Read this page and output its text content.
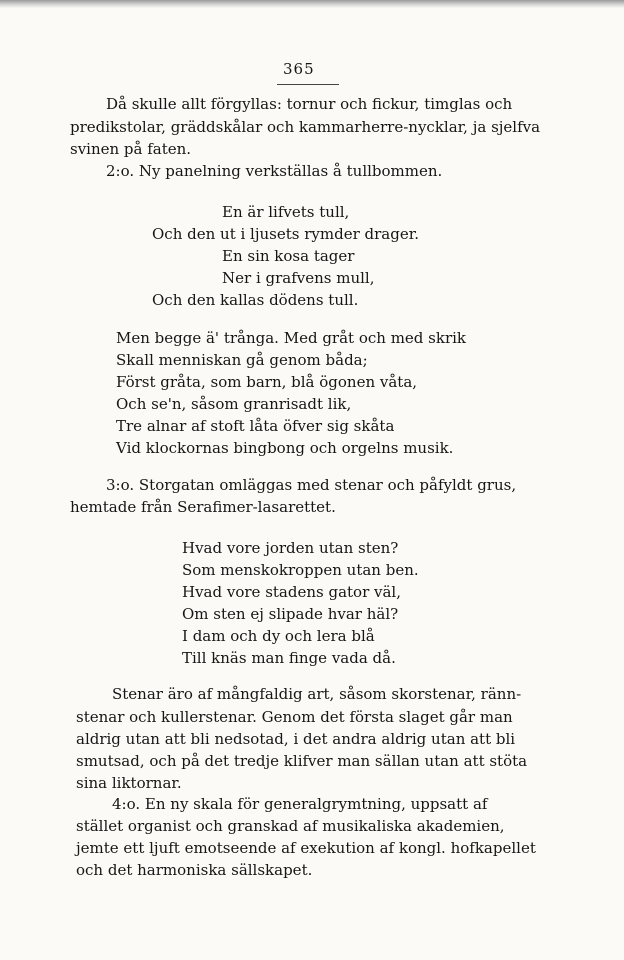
365
Då skulle allt förgyllas: tornur och fickur, timglas och
predikstolar, gräddskålar och kammarherre-nycklar, ja sjelfva
svinen på faten.
2:o. Ny panelning verkställas å tullbommen.
En är lifvets tull,
Och den ut i ljusets rymder drager.
En sin kosa tager
Ner i grafvens mull,
Och den kallas dödens tull.
Men begge ä' trånga. Med gråt och med skrik
Skall menniskan gå genom båda;
Först gråta, som barn, blå ögonen våta,
Och se'n, såsom granrisadt lik,
Tre alnar af stoft låta öfver sig skåta
Vid klockornas bingbong och orgelns musik.
3:o. Storgatan omläggas med stenar och påfyldt grus,
hemtade från Serafimer-lasarettet.
Hvad vore jorden utan sten?
Som menskokroppen utan ben.
Hvad vore stadens gator väl,
Om sten ej slipade hvar häl?
I dam och dy och lera blå
Till knäs man finge vada då.
Stenar äro af mångfaldig art, såsom skorstenar, ränn-
stenar och kullerstenar. Genom det första slaget går man
aldrig utan att bli nedsotad, i det andra aldrig utan att bli
smutsad, och på det tredje klifver man sällan utan att stöta
sina liktornar.
4:o. En ny skala för generalgrymtning, uppsatt af
stället organist och granskad af musikaliska akademien,
jemte ett ljuft emotseende af exekution af kongl. hofkapellet
och det harmoniska sällskapet.
